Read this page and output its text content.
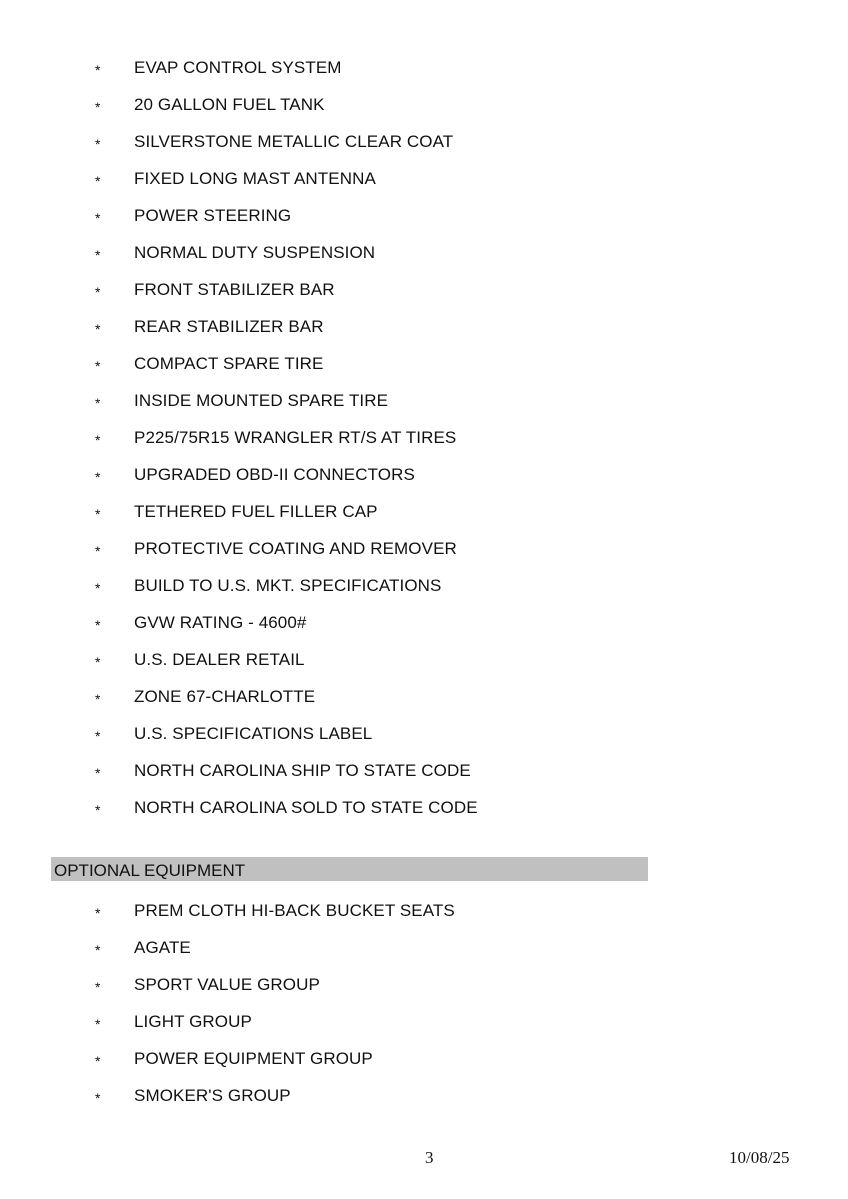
* EVAP CONTROL SYSTEM
* 20 GALLON FUEL TANK
* SILVERSTONE METALLIC CLEAR COAT
* FIXED LONG MAST ANTENNA
* POWER STEERING
* NORMAL DUTY SUSPENSION
* FRONT STABILIZER BAR
* REAR STABILIZER BAR
* COMPACT SPARE TIRE
* INSIDE MOUNTED SPARE TIRE
* P225/75R15 WRANGLER RT/S AT TIRES
* UPGRADED OBD-II CONNECTORS
* TETHERED FUEL FILLER CAP
* PROTECTIVE COATING AND REMOVER
* BUILD TO U.S. MKT. SPECIFICATIONS
* GVW RATING - 4600#
* U.S. DEALER RETAIL
* ZONE 67-CHARLOTTE
* U.S. SPECIFICATIONS LABEL
* NORTH CAROLINA SHIP TO STATE CODE
* NORTH CAROLINA SOLD TO STATE CODE
OPTIONAL EQUIPMENT
* PREM CLOTH HI-BACK BUCKET SEATS
* AGATE
* SPORT VALUE GROUP
* LIGHT GROUP
* POWER EQUIPMENT GROUP
* SMOKER'S GROUP
3	10/08/25
